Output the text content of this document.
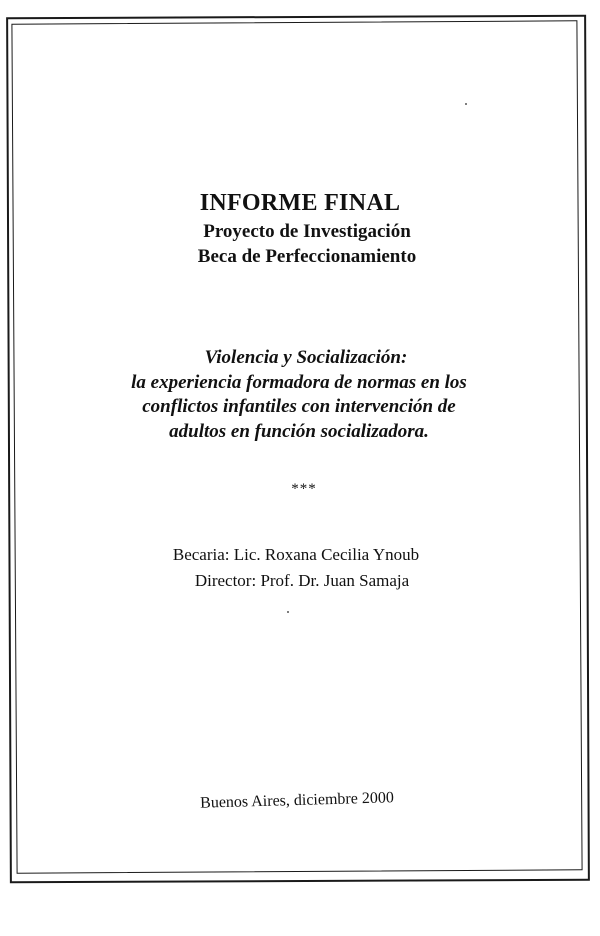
INFORME FINAL
Proyecto de Investigación
Beca de Perfeccionamiento
Violencia y Socialización:
la experiencia formadora de normas en los
conflictos infantiles con intervención de
adultos en función socializadora.
***
Becaria: Lic. Roxana Cecilia Ynoub
Director: Prof. Dr. Juan Samaja
Buenos Aires, diciembre 2000
